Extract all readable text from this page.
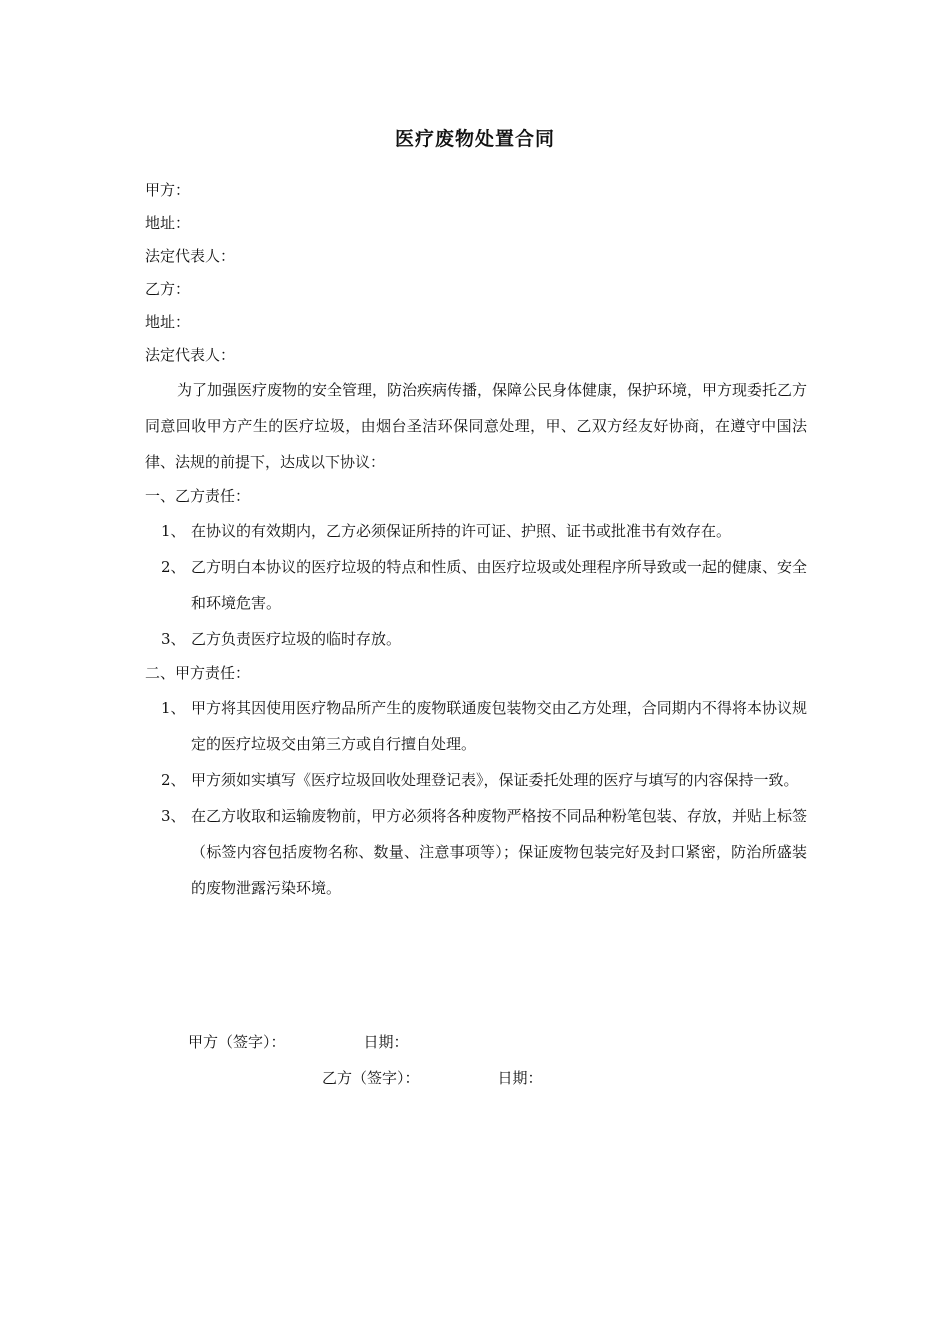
医疗废物处置合同

甲方：

地址：

法定代表人：

乙方：

地址：

法定代表人：

为了加强医疗废物的安全管理，防治疾病传播，保障公民身体健康，保护环境，甲方现委托乙方同意回收甲方产生的医疗垃圾，由烟台圣洁环保同意处理，甲、乙双方经友好协商，在遵守中国法律、法规的前提下，达成以下协议：

一、乙方责任：

1、 在协议的有效期内，乙方必须保证所持的许可证、护照、证书或批准书有效存在。
2、 乙方明白本协议的医疗垃圾的特点和性质、由医疗垃圾或处理程序所导致或一起的健康、安全和环境危害。
3、 乙方负责医疗垃圾的临时存放。

二、甲方责任：

1、 甲方将其因使用医疗物品所产生的废物联通废包装物交由乙方处理，合同期内不得将本协议规定的医疗垃圾交由第三方或自行擅自处理。
2、 甲方须如实填写《医疗垃圾回收处理登记表》，保证委托处理的医疗与填写的内容保持一致。
3、 在乙方收取和运输废物前，甲方必须将各种废物严格按不同品种粉笔包装、存放，并贴上标签（标签内容包括废物名称、数量、注意事项等）；保证废物包装完好及封口紧密，防治所盛装的废物泄露污染环境。
甲方（签字）：	日期：
乙方（签字）：	日期：
